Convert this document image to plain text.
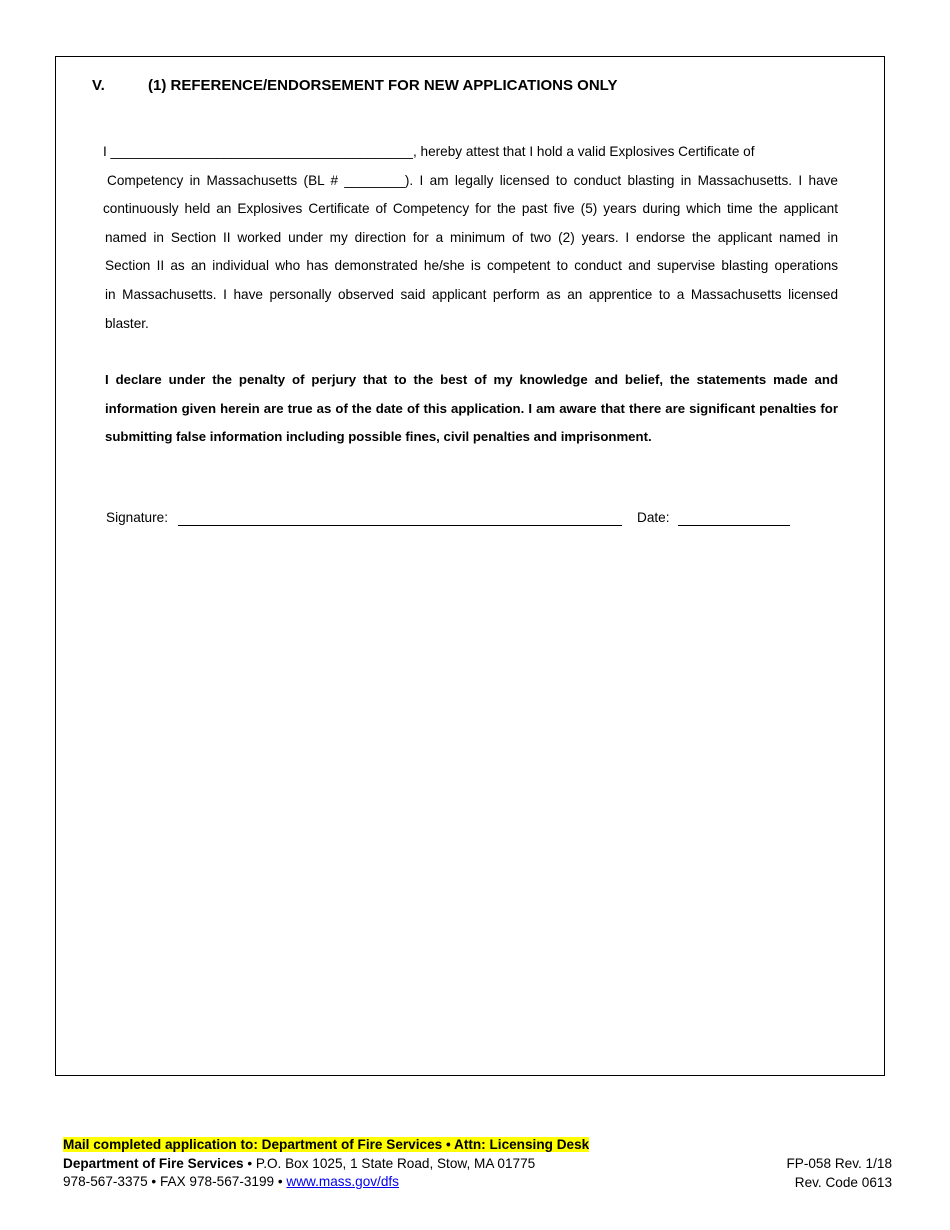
V.	(1) REFERENCE/ENDORSEMENT FOR NEW APPLICATIONS ONLY
I ________________________________________, hereby attest that I hold a valid Explosives Certificate of
Competency in Massachusetts (BL # ________). I am legally licensed to conduct blasting in Massachusetts. I have
continuously held an Explosives Certificate of Competency for the past five (5) years during which time the applicant
named in Section II worked under my direction for a minimum of two (2) years. I endorse the applicant named in
Section II as an individual who has demonstrated he/she is competent to conduct and supervise blasting operations
in Massachusetts. I have personally observed said applicant perform as an apprentice to a Massachusetts licensed
blaster.
I declare under the penalty of perjury that to the best of my knowledge and belief, the statements made and information given herein are true as of the date of this application. I am aware that there are significant penalties for submitting false information including possible fines, civil penalties and imprisonment.
Signature:	Date:
Mail completed application to: Department of Fire Services • Attn: Licensing Desk
Department of Fire Services • P.O. Box 1025, 1 State Road, Stow, MA 01775
978-567-3375 • FAX 978-567-3199 • www.mass.gov/dfs
FP-058 Rev. 1/18
Rev. Code 0613
